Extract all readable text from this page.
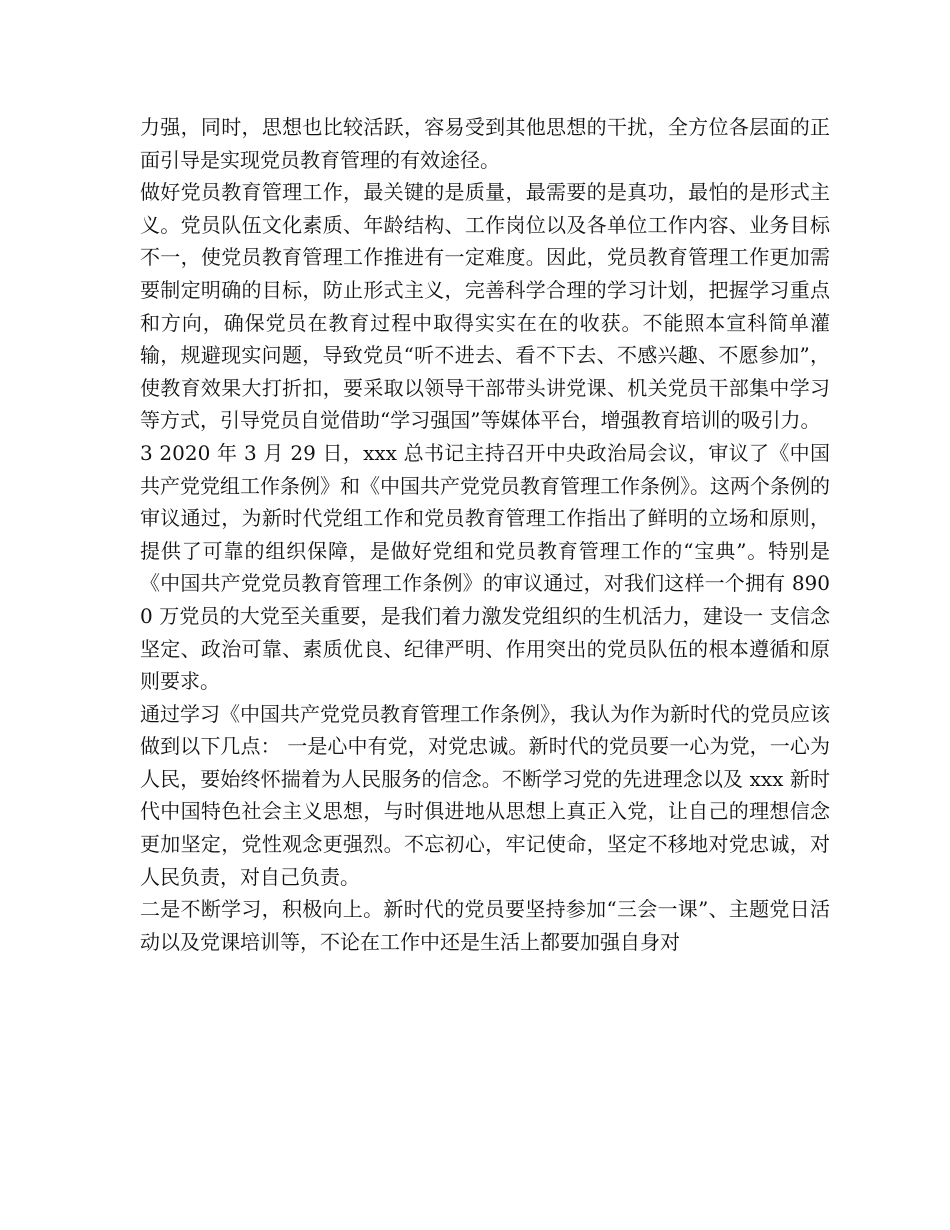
力强，同时，思想也比较活跃，容易受到其他思想的干扰，全方位各层面的正面引导是实现党员教育管理的有效途径。

做好党员教育管理工作，最关键的是质量，最需要的是真功，最怕的是形式主义。党员队伍文化素质、年龄结构、工作岗位以及各单位工作内容、业务目标不一，使党员教育管理工作推进有一定难度。因此，党员教育管理工作更加需要制定明确的目标，防止形式主义，完善科学合理的学习计划，把握学习重点和方向，确保党员在教育过程中取得实实在在的收获。不能照本宣科简单灌输，规避现实问题，导致党员“听不进去、看不下去、不感兴趣、不愿参加”，使教育效果大打折扣，要采取以领导干部带头讲党课、机关党员干部集中学习等方式，引导党员自觉借助“学习强国”等媒体平台，增强教育培训的吸引力。

3 2020 年 3 月 29 日，xxx 总书记主持召开中央政治局会议，审议了《中国共产党党组工作条例》和《中国共产党党员教育管理工作条例》。这两个条例的审议通过，为新时代党组工作和党员教育管理工作指出了鲜明的立场和原则，提供了可靠的组织保障，是做好党组和党员教育管理工作的“宝典”。特别是《中国共产党党员教育管理工作条例》的审议通过，对我们这样一个拥有 8900 万党员的大党至关重要，是我们着力激发党组织的生机活力，建设一 支信念坚定、政治可靠、素质优良、纪律严明、作用突出的党员队伍的根本遵循和原则要求。

通过学习《中国共产党党员教育管理工作条例》，我认为作为新时代的党员应该做到以下几点： 一是心中有党，对党忠诚。新时代的党员要一心为党，一心为人民，要始终怀揣着为人民服务的信念。不断学习党的先进理念以及 xxx 新时代中国特色社会主义思想，与时俱进地从思想上真正入党，让自己的理想信念更加坚定，党性观念更强烈。不忘初心，牢记使命，坚定不移地对党忠诚，对人民负责，对自己负责。

二是不断学习，积极向上。新时代的党员要坚持参加“三会一课”、主题党日活动以及党课培训等，不论在工作中还是生活上都要加强自身对
